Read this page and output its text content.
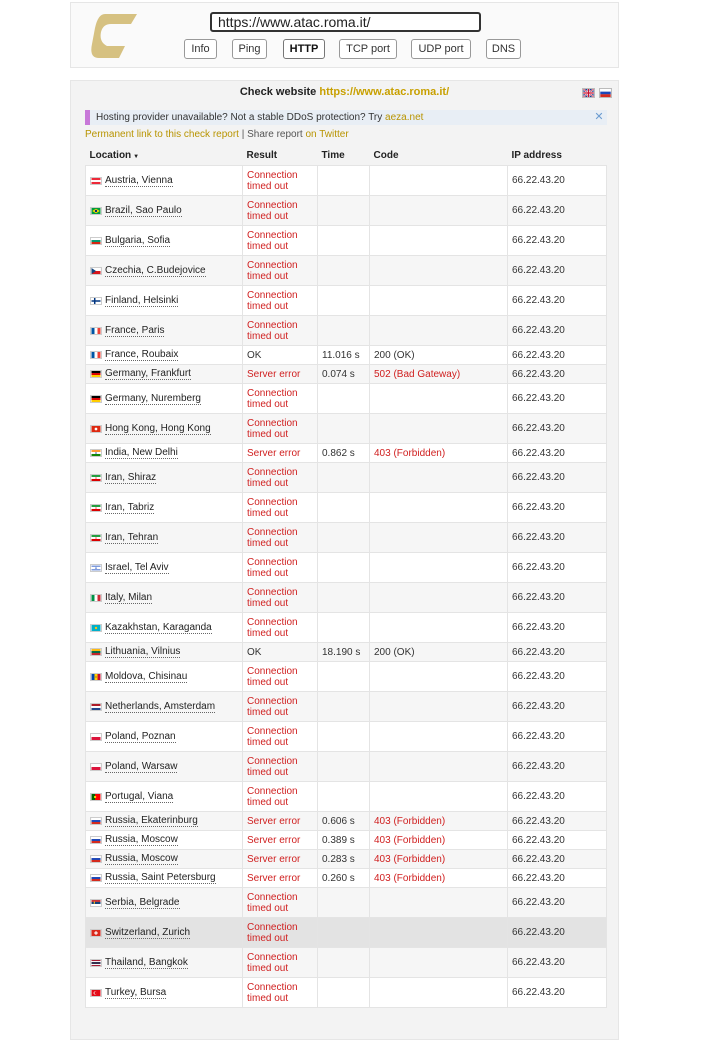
https://www.atac.roma.it/
Info	Ping	HTTP	TCP port	UDP port	DNS
Check website https://www.atac.roma.it/
Hosting provider unavailable? Not a stable DDoS protection? Try aeza.net	✕
Permanent link to this check report | Share report on Twitter
Location ▼	Result	Time	Code	IP address

Austria, Vienna	Connection timed out			66.22.43.20

Brazil, Sao Paulo	Connection timed out			66.22.43.20

Bulgaria, Sofia	Connection timed out			66.22.43.20

Czechia, C.Budejovice	Connection timed out			66.22.43.20

Finland, Helsinki	Connection timed out			66.22.43.20

France, Paris	Connection timed out			66.22.43.20

France, Roubaix	OK	11.016 s	200 (OK)	66.22.43.20

Germany, Frankfurt	Server error	0.074 s	502 (Bad Gateway)	66.22.43.20

Germany, Nuremberg	Connection timed out			66.22.43.20

Hong Kong, Hong Kong	Connection timed out			66.22.43.20

India, New Delhi	Server error	0.862 s	403 (Forbidden)	66.22.43.20

Iran, Shiraz	Connection timed out			66.22.43.20

Iran, Tabriz	Connection timed out			66.22.43.20

Iran, Tehran	Connection timed out			66.22.43.20

Israel, Tel Aviv	Connection timed out			66.22.43.20

Italy, Milan	Connection timed out			66.22.43.20

Kazakhstan, Karaganda	Connection timed out			66.22.43.20

Lithuania, Vilnius	OK	18.190 s	200 (OK)	66.22.43.20

Moldova, Chisinau	Connection timed out			66.22.43.20

Netherlands, Amsterdam	Connection timed out			66.22.43.20

Poland, Poznan	Connection timed out			66.22.43.20

Poland, Warsaw	Connection timed out			66.22.43.20

Portugal, Viana	Connection timed out			66.22.43.20

Russia, Ekaterinburg	Server error	0.606 s	403 (Forbidden)	66.22.43.20

Russia, Moscow	Server error	0.389 s	403 (Forbidden)	66.22.43.20

Russia, Moscow	Server error	0.283 s	403 (Forbidden)	66.22.43.20

Russia, Saint Petersburg	Server error	0.260 s	403 (Forbidden)	66.22.43.20

Serbia, Belgrade	Connection timed out			66.22.43.20

Switzerland, Zurich	Connection timed out			66.22.43.20

Thailand, Bangkok	Connection timed out			66.22.43.20

Turkey, Bursa	Connection timed out			66.22.43.20
